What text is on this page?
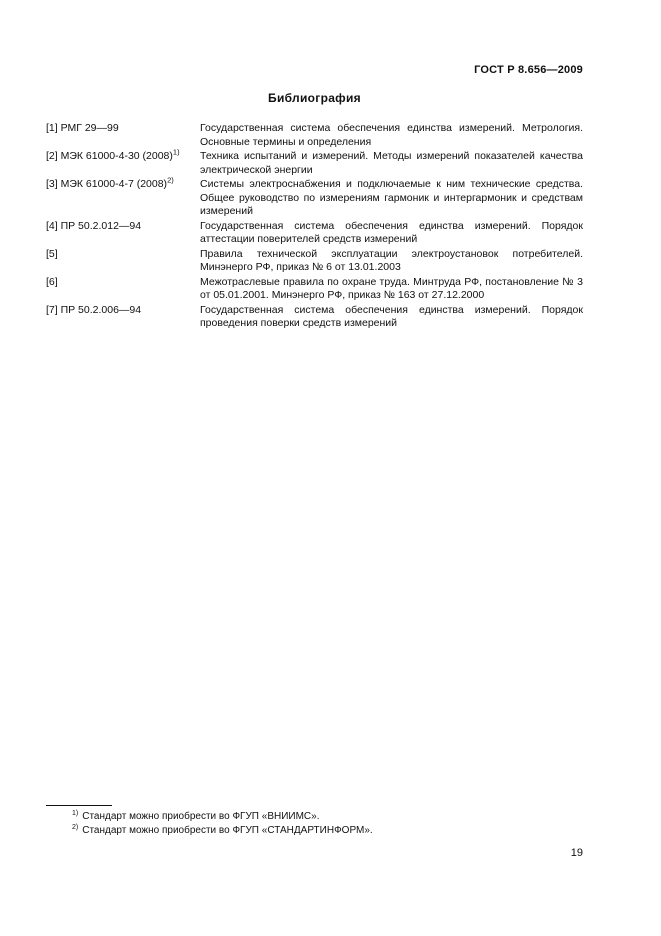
ГОСТ Р 8.656—2009
Библиография
[1] РМГ 29—99	Государственная система обеспечения единства измерений. Метрология. Основные термины и определения
[2] МЭК 61000-4-30 $(2008)^{1)}$	Техника испытаний и измерений. Методы измерений показателей качества электрической энергии
[3] МЭК 61000-4-7 $(2008)^{2)}$	Системы электроснабжения и подключаемые к ним технические средства. Общее руководство по измерениям гармоник и интергармоник и средствам измерений
[4] ПР 50.2.012—94	Государственная система обеспечения единства измерений. Порядок аттестации поверителей средств измерений
[5]	Правила технической эксплуатации электроустановок потребителей. Минэнерго РФ, приказ № 6 от 13.01.2003
[6]	Межотраслевые правила по охране труда. Минтруда РФ, постановление № 3 от 05.01.2001. Минэнерго РФ, приказ № 163 от 27.12.2000
[7] ПР 50.2.006—94	Государственная система обеспечения единства измерений. Порядок проведения поверки средств измерений
$^{1)}$ Стандарт можно приобрести во ФГУП «ВНИИМС».
$^{2)}$ Стандарт можно приобрести во ФГУП «СТАНДАРТИНФОРМ».
19
